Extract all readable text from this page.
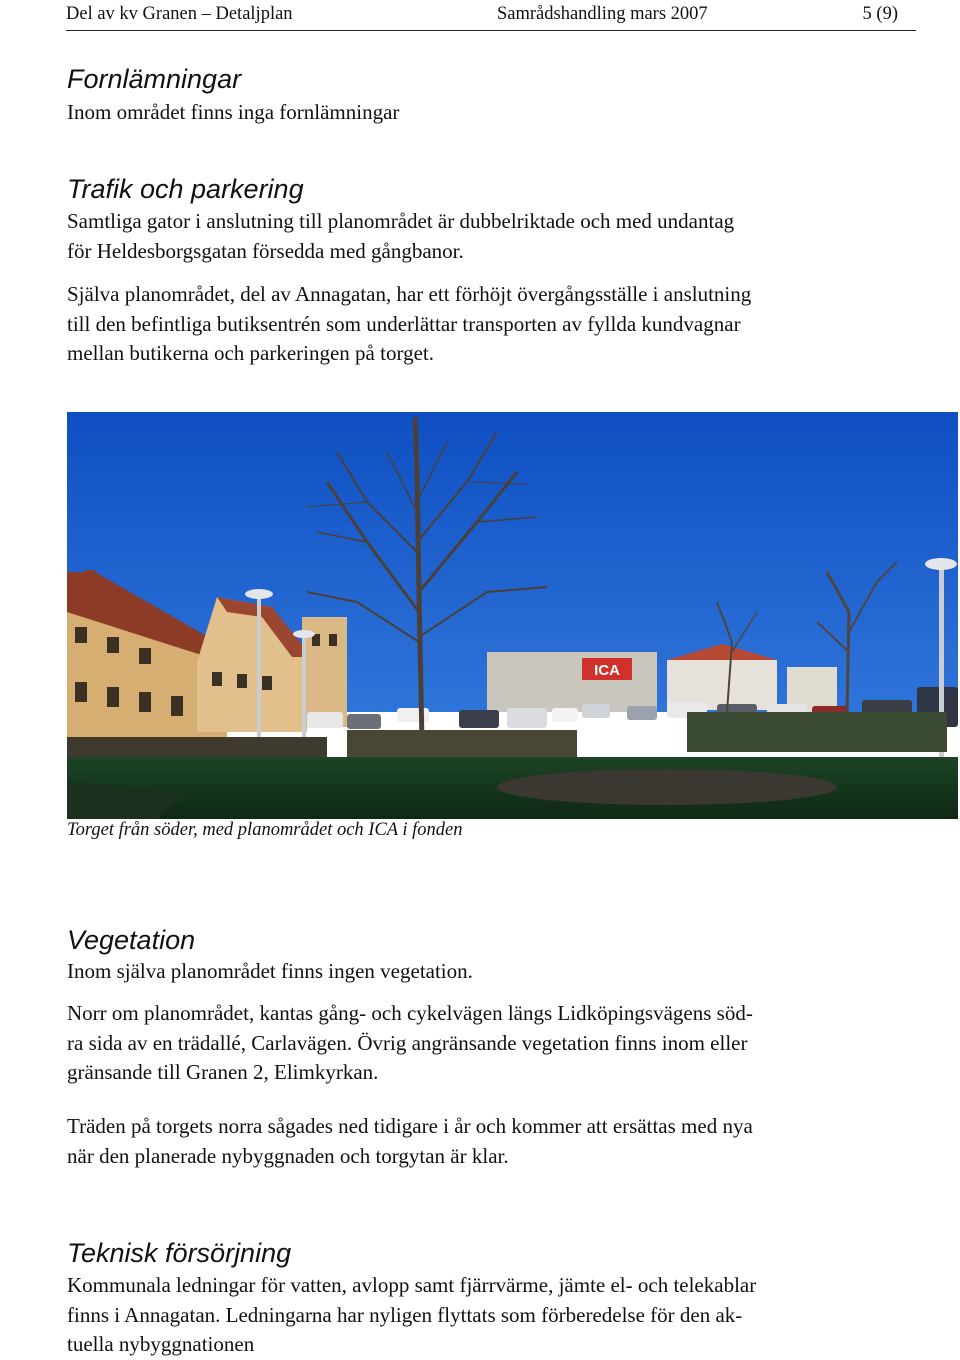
Del av kv Granen – Detaljplan	Samrådshandling mars 2007	5 (9)
Fornlämningar

Inom området finns inga fornlämningar

Trafik och parkering

Samtliga gator i anslutning till planområdet är dubbelriktade och med undantag
för Heldesborgsgatan försedda med gångbanor.

Själva planområdet, del av Annagatan, har ett förhöjt övergångsställe i anslutning
till den befintliga butiksentrén som underlättar transporten av fyllda kundvagnar
mellan butikerna och parkeringen på torget.

ICA
Torget från söder, med planområdet och ICA i fonden
Vegetation

Inom själva planområdet finns ingen vegetation.

Norr om planområdet, kantas gång- och cykelvägen längs Lidköpingsvägens söd-
ra sida av en trädallé, Carlavägen. Övrig angränsande vegetation finns inom eller
gränsande till Granen 2, Elimkyrkan.

Träden på torgets norra sågades ned tidigare i år och kommer att ersättas med nya
när den planerade nybyggnaden och torgytan är klar.

Teknisk försörjning

Kommunala ledningar för vatten, avlopp samt fjärrvärme, jämte el- och telekablar
finns i Annagatan. Ledningarna har nyligen flyttats som förberedelse för den ak-
tuella nybyggnationen
